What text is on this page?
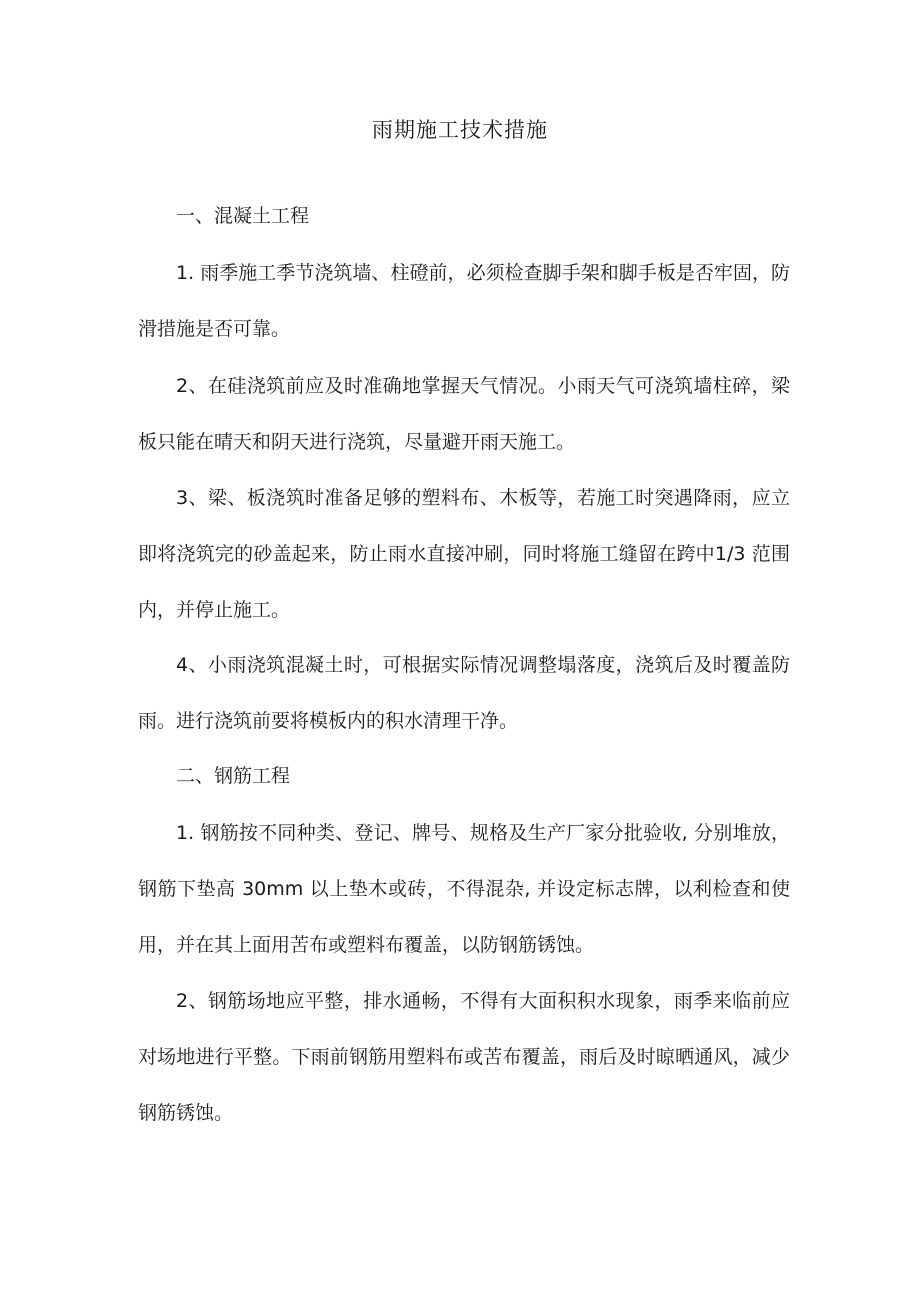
雨期施工技术措施

一、混凝土工程

1. 雨季施工季节浇筑墙、柱磴前，必须检查脚手架和脚手板是否牢固，防滑措施是否可靠。

2、在硅浇筑前应及时准确地掌握天气情况。小雨天气可浇筑墙柱碎，梁板只能在晴天和阴天进行浇筑，尽量避开雨天施工。

3、梁、板浇筑时准备足够的塑料布、木板等，若施工时突遇降雨，应立即将浇筑完的砂盖起来，防止雨水直接冲刷，同时将施工缝留在跨中1/3 范围内，并停止施工。

4、小雨浇筑混凝土时，可根据实际情况调整塌落度，浇筑后及时覆盖防雨。进行浇筑前要将模板内的积水清理干净。

二、钢筋工程

1. 钢筋按不同种类、登记、牌号、规格及生产厂家分批验收, 分别堆放，钢筋下垫高 30mm 以上垫木或砖，不得混杂, 并设定标志牌，以利检查和使用，并在其上面用苦布或塑料布覆盖，以防钢筋锈蚀。

2、钢筋场地应平整，排水通畅，不得有大面积积水现象，雨季来临前应对场地进行平整。下雨前钢筋用塑料布或苦布覆盖，雨后及时晾晒通风，减少钢筋锈蚀。
